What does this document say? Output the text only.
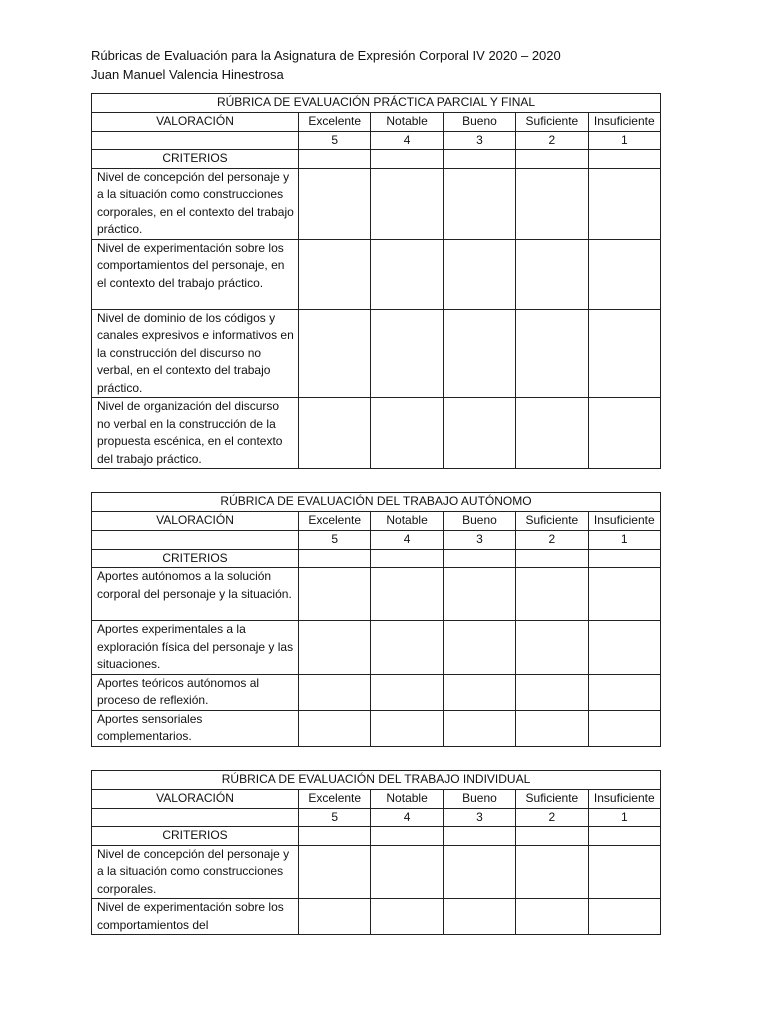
Rúbricas de Evaluación para la Asignatura de Expresión Corporal IV 2020 – 2020
Juan Manuel Valencia Hinestrosa
RÚBRICA DE EVALUACIÓN PRÁCTICA PARCIAL Y FINAL					
VALORACIÓN	Excelente	Notable	Bueno	Suficiente	Insuficiente
	5	4	3	2	1
CRITERIOS					
Nivel de concepción del personaje y a la situación como construcciones corporales, en el contexto del trabajo práctico.					
Nivel de experimentación sobre los comportamientos del personaje, en el contexto del trabajo práctico.					
Nivel de dominio de los códigos y canales expresivos e informativos en la construcción del discurso no verbal, en el contexto del trabajo práctico.					
Nivel de organización del discurso no verbal en la construcción de la propuesta escénica, en el contexto del trabajo práctico.					
RÚBRICA DE EVALUACIÓN DEL TRABAJO AUTÓNOMO					
VALORACIÓN	Excelente	Notable	Bueno	Suficiente	Insuficiente
	5	4	3	2	1
CRITERIOS					
Aportes autónomos a la solución corporal del personaje y la situación.					
Aportes experimentales a la exploración física del personaje y las situaciones.					
Aportes teóricos autónomos al proceso de reflexión.					
Aportes sensoriales complementarios.					
RÚBRICA DE EVALUACIÓN DEL TRABAJO INDIVIDUAL					
VALORACIÓN	Excelente	Notable	Bueno	Suficiente	Insuficiente
	5	4	3	2	1
CRITERIOS					
Nivel de concepción del personaje y a la situación como construcciones corporales.					
Nivel de experimentación sobre los comportamientos del					
